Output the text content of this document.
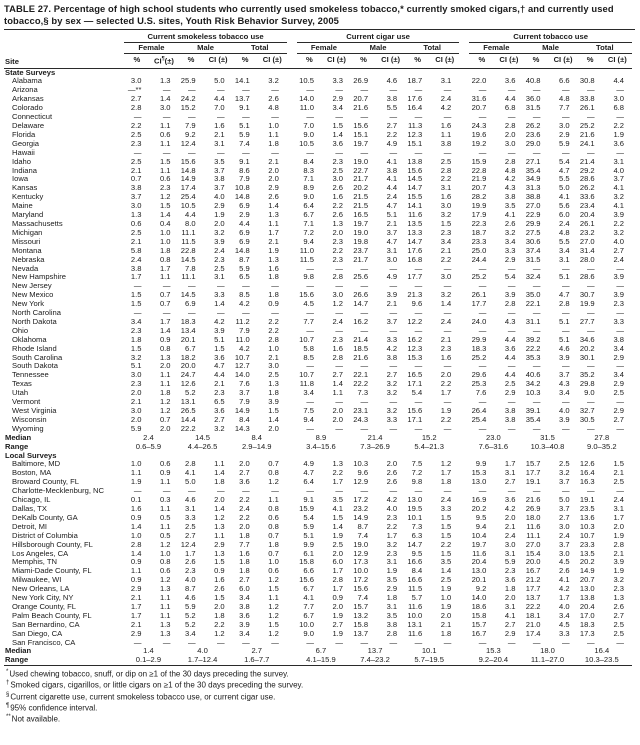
TABLE 27. Percentage of high school students who currently used smokeless tobacco,* currently smoked cigars,† and currently used tobacco,§ by sex — selected U.S. sites, Youth Risk Behavior Survey, 2005
	Current smokeless tobacco use							Current cigar use							Current tobacco use					
	Female		Male		Total			Female		Male		Total			Female		Male		Total	
Site	%	CI¶(±)	%	CI (±)	%	CI (±)		%	CI (±)	%	CI (±)	%	CI (±)		%	CI (±)	%	CI (±)	%	CI (±)
State Surveys																				
Alabama	3.0	1.3	25.9	5.0	14.1	3.2		10.5	3.3	26.9	4.6	18.7	3.1		22.0	3.6	40.8	6.6	30.8	4.4
Arizona	—**	—	—	—	—	—		—	—	—	—	—	—		—	—	—	—	—	—
Arkansas	2.7	1.4	24.2	4.4	13.7	2.6		14.0	2.9	20.7	3.8	17.6	2.4		31.6	4.4	36.0	4.8	33.8	3.0
Colorado	2.8	3.0	15.2	7.0	9.1	4.8		11.0	3.4	21.6	5.5	16.4	4.2		20.7	6.8	31.5	7.7	26.1	6.8
Connecticut	—	—	—	—	—	—		—	—	—	—	—	—		—	—	—	—	—	—
Delaware	2.2	1.1	7.9	1.6	5.1	1.0		7.0	1.5	15.6	2.7	11.3	1.6		24.3	2.8	26.2	3.0	25.2	2.2
Florida	2.5	0.6	9.2	2.1	5.9	1.1		9.0	1.4	15.1	2.2	12.3	1.1		19.6	2.0	23.6	2.9	21.6	1.9
Georgia	2.3	1.1	12.4	3.1	7.4	1.8		10.5	3.6	19.7	4.9	15.1	3.8		19.2	3.0	29.0	5.9	24.1	3.6
Hawaii	—	—	—	—	—	—		—	—	—	—	—	—		—	—	—	—	—	—
Idaho	2.5	1.5	15.6	3.5	9.1	2.1		8.4	2.3	19.0	4.1	13.8	2.5		15.9	2.8	27.1	5.4	21.4	3.1
Indiana	2.1	1.1	14.8	3.7	8.6	2.0		8.3	2.5	22.7	3.8	15.6	2.8		22.8	4.8	35.4	4.7	29.2	4.0
Iowa	0.7	0.6	14.9	3.8	7.9	2.0		7.1	3.0	21.7	4.1	14.5	2.2		21.9	4.2	34.9	5.5	28.6	3.7
Kansas	3.8	2.3	17.4	3.7	10.8	2.9		8.9	2.6	20.2	4.4	14.7	3.1		20.7	4.3	31.3	5.0	26.2	4.1
Kentucky	3.7	1.2	25.4	4.0	14.8	2.6		9.0	1.6	21.5	2.4	15.5	1.6		28.2	3.8	38.8	4.1	33.6	3.2
Maine	3.0	1.5	10.5	2.9	6.9	1.4		6.4	2.2	21.5	4.7	14.1	3.0		19.9	3.5	27.0	5.6	23.4	4.1
Maryland	1.3	1.4	4.4	1.9	2.9	1.3		6.7	2.6	16.5	5.1	11.6	3.2		17.9	4.1	22.9	6.0	20.4	3.9
Massachusetts	0.6	0.4	8.0	2.0	4.4	1.1		7.1	1.3	19.7	2.1	13.5	1.5		22.3	2.6	29.9	2.4	26.1	2.2
Michigan	2.5	1.0	11.1	3.2	6.9	1.7		7.2	2.0	19.0	3.7	13.3	2.3		18.7	3.2	27.5	4.8	23.2	3.2
Missouri	2.1	1.0	11.5	3.9	6.9	2.1		9.4	2.3	19.8	4.7	14.7	3.4		23.3	3.4	30.6	5.5	27.0	4.0
Montana	5.8	1.8	22.8	2.4	14.8	1.9		11.0	2.2	23.7	3.1	17.6	2.1		25.0	3.3	37.4	3.4	31.4	2.7
Nebraska	2.4	0.8	14.5	2.3	8.7	1.3		11.5	2.3	21.7	3.0	16.8	2.2		24.4	2.9	31.5	3.1	28.0	2.4
Nevada	3.8	1.7	7.8	2.5	5.9	1.6		—	—	—	—	—	—		—	—	—	—	—	—
New Hampshire	1.7	1.1	11.1	3.1	6.5	1.8		9.8	2.8	25.6	4.9	17.7	3.0		25.2	5.4	32.4	5.1	28.6	3.9
New Jersey	—	—	—	—	—	—		—	—	—	—	—	—		—	—	—	—	—	—
New Mexico	1.5	0.7	14.5	3.3	8.5	1.8		15.6	3.0	26.6	3.9	21.3	3.2		26.1	3.9	35.0	4.7	30.7	3.9
New York	1.5	0.7	6.9	1.4	4.2	0.9		4.5	1.2	14.7	2.1	9.6	1.4		17.7	2.8	22.1	2.8	19.9	2.3
North Carolina	—	—	—	—	—	—		—	—	—	—	—	—		—	—	—	—	—	—
North Dakota	3.4	1.7	18.3	4.2	11.2	2.2		7.7	2.4	16.2	3.7	12.2	2.4		24.0	4.3	31.1	5.1	27.7	3.3
Ohio	2.3	1.4	13.4	3.9	7.9	2.2		—	—	—	—	—	—		—	—	—	—	—	—
Oklahoma	1.8	0.9	20.1	5.1	11.0	2.8		10.7	2.3	21.4	3.3	16.2	2.1		29.9	4.4	39.2	5.1	34.6	3.8
Rhode Island	1.5	0.8	6.7	1.5	4.2	1.0		5.8	1.6	18.5	4.2	12.3	2.3		18.3	3.6	22.2	4.6	20.2	3.4
South Carolina	3.2	1.3	18.2	3.6	10.7	2.1		8.5	2.8	21.6	3.8	15.3	1.6		25.2	4.4	35.3	3.9	30.1	2.9
South Dakota	5.1	2.0	20.0	4.7	12.7	3.0		—	—	—	—	—	—		—	—	—	—	—	—
Tennessee	3.0	1.1	24.7	4.4	14.0	2.5		10.7	2.7	22.1	2.7	16.5	2.0		29.6	4.4	40.6	3.7	35.2	3.4
Texas	2.3	1.1	12.6	2.1	7.6	1.3		11.8	1.4	22.2	3.2	17.1	2.2		25.3	2.5	34.2	4.3	29.8	2.9
Utah	2.0	1.8	5.2	2.3	3.7	1.8		3.4	1.1	7.3	3.2	5.4	1.7		7.6	2.9	10.3	3.4	9.0	2.5
Vermont	2.1	1.2	13.1	6.5	7.9	3.9		—	—	—	—	—	—		—	—	—	—	—	—
West Virginia	3.0	1.2	26.5	3.6	14.9	1.5		7.5	2.0	23.1	3.2	15.6	1.9		26.4	3.8	39.1	4.0	32.7	2.9
Wisconsin	2.0	0.7	14.4	2.7	8.4	1.4		9.4	2.0	24.3	3.3	17.1	2.2		25.4	3.8	35.4	3.9	30.5	2.7
Wyoming	5.9	2.0	22.2	3.2	14.3	2.0		—	—	—	—	—	—		—	—	—	—	—	—
Median	2.4		14.5		8.4			8.9		21.4		15.2			23.0		31.5		27.8	
Range	0.6–5.9		4.4–26.5		2.9–14.9			3.4–15.6		7.3–26.9		5.4–21.3			7.6–31.6		10.3–40.8		9.0–35.2	
Local Surveys																				
Baltimore, MD	1.0	0.6	2.8	1.1	2.0	0.7		4.9	1.3	10.3	2.0	7.5	1.2		9.9	1.7	15.7	2.5	12.6	1.5
Boston, MA	1.1	0.9	4.1	1.4	2.7	0.8		4.7	2.2	9.6	2.6	7.2	1.7		15.3	3.1	17.7	3.2	16.4	2.1
Broward County, FL	1.9	1.1	5.0	1.8	3.6	1.2		6.4	1.7	12.9	2.6	9.8	1.8		13.0	2.7	19.1	3.7	16.3	2.5
Charlotte-Mecklenburg, NC	—	—	—	—	—	—		—	—	—	—	—	—		—	—	—	—	—	—
Chicago, IL	0.1	0.3	4.6	2.0	2.2	1.1		9.1	3.5	17.2	4.2	13.0	2.4		16.9	3.6	21.6	5.0	19.1	2.4
Dallas, TX	1.6	1.1	3.1	1.4	2.4	0.8		15.9	4.1	23.2	4.0	19.5	3.3		20.2	4.2	26.9	3.7	23.5	3.1
DeKalb County, GA	0.9	0.5	3.3	1.2	2.2	0.6		5.4	1.5	14.9	2.3	10.1	1.5		9.5	2.0	18.0	2.7	13.6	1.7
Detroit, MI	1.4	1.1	2.5	1.3	2.0	0.8		5.9	1.4	8.7	2.2	7.3	1.5		9.4	2.1	11.6	3.0	10.3	2.0
District of Columbia	1.0	0.5	2.7	1.1	1.8	0.7		5.1	1.9	7.4	1.7	6.3	1.5		10.4	2.4	11.1	2.4	10.7	1.9
Hillsborough County, FL	2.8	1.2	12.4	2.9	7.7	1.8		9.9	2.5	19.0	3.2	14.7	2.2		19.7	3.0	27.0	3.7	23.3	2.8
Los Angeles, CA	1.4	1.0	1.7	1.3	1.6	0.7		6.1	2.0	12.9	2.3	9.5	1.5		11.6	3.1	15.4	3.0	13.5	2.1
Memphis, TN	0.9	0.8	2.6	1.5	1.8	1.0		15.8	6.0	17.3	3.1	16.6	3.5		20.4	5.9	20.0	4.5	20.2	3.9
Miami-Dade County, FL	1.1	0.6	2.3	0.9	1.8	0.6		6.6	1.7	10.0	1.9	8.4	1.4		13.0	2.3	16.7	2.6	14.9	1.9
Milwaukee, WI	0.9	1.2	4.0	1.6	2.7	1.2		15.6	2.8	17.2	3.5	16.6	2.5		20.1	3.6	21.2	4.1	20.7	3.2
New Orleans, LA	2.9	1.3	8.7	2.6	6.0	1.5		6.7	1.7	15.6	2.9	11.5	1.9		9.2	1.8	17.7	4.2	13.0	2.3
New York City, NY	2.1	1.1	4.6	1.5	3.4	1.1		4.1	0.9	7.4	1.8	5.7	1.0		14.0	2.0	13.7	1.7	13.8	1.3
Orange County, FL	1.7	1.1	5.9	2.0	3.8	1.2		7.7	2.0	15.7	3.1	11.6	1.9		18.6	3.1	22.2	4.0	20.4	2.6
Palm Beach County, FL	1.7	1.1	5.2	1.8	3.6	1.2		6.7	1.9	13.2	3.5	10.0	2.0		15.8	4.1	18.1	3.4	17.0	2.7
San Bernardino, CA	2.1	1.3	5.2	2.2	3.9	1.5		10.0	2.7	15.8	3.8	13.1	2.1		15.7	2.7	21.0	4.5	18.3	2.5
San Diego, CA	2.9	1.3	3.4	1.2	3.4	1.2		9.0	1.9	13.7	2.8	11.6	1.8		16.7	2.9	17.4	3.3	17.3	2.5
San Francisco, CA	—	—	—	—	—	—		—	—	—	—	—	—		—	—	—	—	—	—
Median	1.4		4.0		2.7			6.7		13.7		10.1			15.3		18.0		16.4	
Range	0.1–2.9		1.7–12.4		1.6–7.7			4.1–15.9		7.4–23.2		5.7–19.5			9.2–20.4		11.1–27.0		10.3–23.5	
*Used chewing tobacco, snuff, or dip on ≥1 of the 30 days preceding the survey.
†Smoked cigars, cigarillos, or little cigars on ≥1 of the 30 days preceding the survey.
§Current cigarette use, current smokeless tobacco use, or current cigar use.
¶95% confidence interval.
**Not available.
